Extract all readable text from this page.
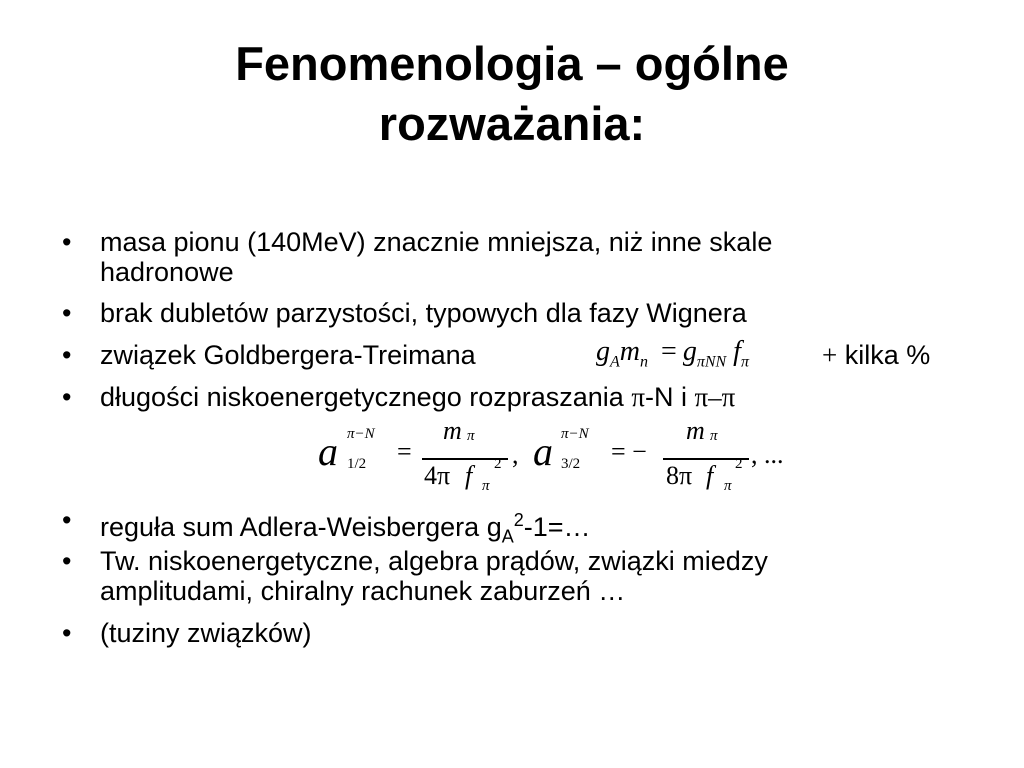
Fenomenologia – ogólne
rozważania:
•	masa pionu (140MeV) znacznie mniejsza, niż inne skale
hadronowe
•	brak dubletów parzystości, typowych dla fazy Wignera
•	związek Goldbergera-Treimana	$g_Am_n = g_{\pi NN}$ $f_\pi$	+ kilka %
•	długości niskoenergetycznego rozpraszania π-N i π–π
a π−N
1/2 =
m π
4π f π
2 , a π−N
3/2 = −
m π
8π f π
2 , ...
•	reguła sum Adlera-Weisbergera $g_A^2-1=\dots$
•	Tw. niskoenergetyczne, algebra prądów, związki miedzy
amplitudami, chiralny rachunek zaburzeń …
•	(tuziny związków)
